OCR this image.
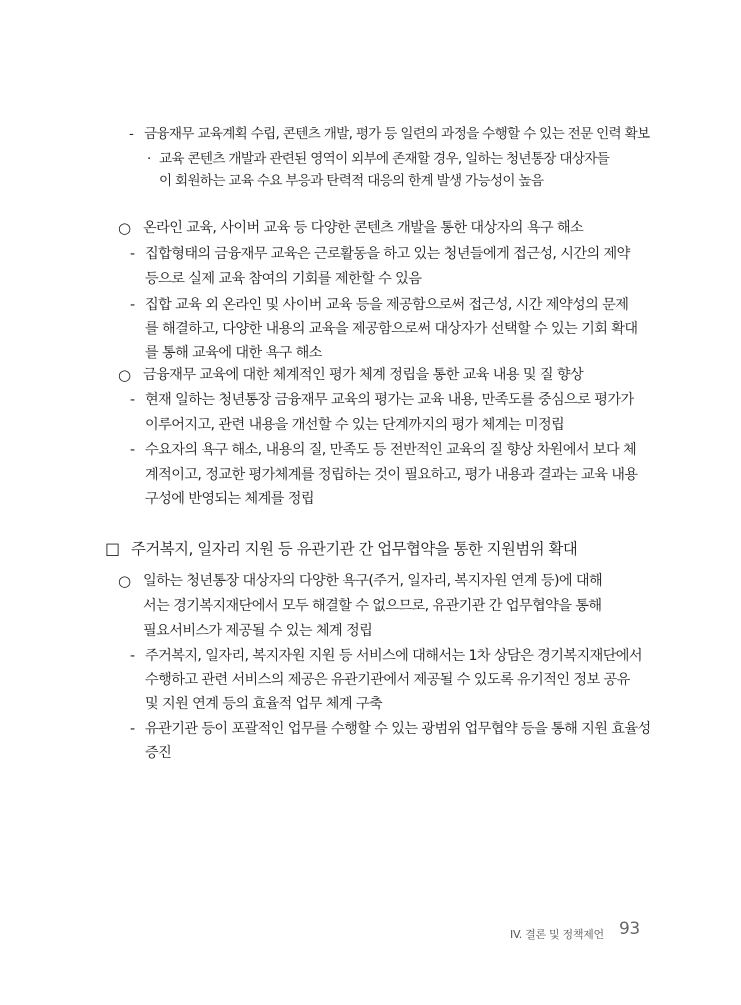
- 금융재무 교육계획 수립, 콘텐츠 개발, 평가 등 일련의 과정을 수행할 수 있는 전문 인력 확보
· 교육 콘텐츠 개발과 관련된 영역이 외부에 존재할 경우, 일하는 청년통장 대상자들
이 회원하는 교육 수요 부응과 탄력적 대응의 한계 발생 가능성이 높음
○ 온라인 교육, 사이버 교육 등 다양한 콘텐츠 개발을 통한 대상자의 욕구 해소
- 집합형태의 금융재무 교육은 근로활동을 하고 있는 청년들에게 접근성, 시간의 제약
등으로 실제 교육 참여의 기회를 제한할 수 있음
- 집합 교육 외 온라인 및 사이버 교육 등을 제공함으로써 접근성, 시간 제약성의 문제
를 해결하고, 다양한 내용의 교육을 제공함으로써 대상자가 선택할 수 있는 기회 확대
를 통해 교육에 대한 욕구 해소
○ 금융재무 교육에 대한 체계적인 평가 체계 정립을 통한 교육 내용 및 질 향상
- 현재 일하는 청년통장 금융재무 교육의 평가는 교육 내용, 만족도를 중심으로 평가가
이루어지고, 관련 내용을 개선할 수 있는 단계까지의 평가 체계는 미정립
- 수요자의 욕구 해소, 내용의 질, 만족도 등 전반적인 교육의 질 향상 차원에서 보다 체
계적이고, 정교한 평가체계를 정립하는 것이 필요하고, 평가 내용과 결과는 교육 내용
구성에 반영되는 체계를 정립
□ 주거복지, 일자리 지원 등 유관기관 간 업무협약을 통한 지원범위 확대
○ 일하는 청년통장 대상자의 다양한 욕구(주거, 일자리, 복지자원 연계 등)에 대해
서는 경기복지재단에서 모두 해결할 수 없으므로, 유관기관 간 업무협약을 통해
필요서비스가 제공될 수 있는 체계 정립
- 주거복지, 일자리, 복지자원 지원 등 서비스에 대해서는 1차 상담은 경기복지재단에서
수행하고 관련 서비스의 제공은 유관기관에서 제공될 수 있도록 유기적인 정보 공유
및 지원 연계 등의 효율적 업무 체계 구축
- 유관기관 등이 포괄적인 업무를 수행할 수 있는 광범위 업무협약 등을 통해 지원 효율성
증진
IV. 결론 및 정책제언 93
